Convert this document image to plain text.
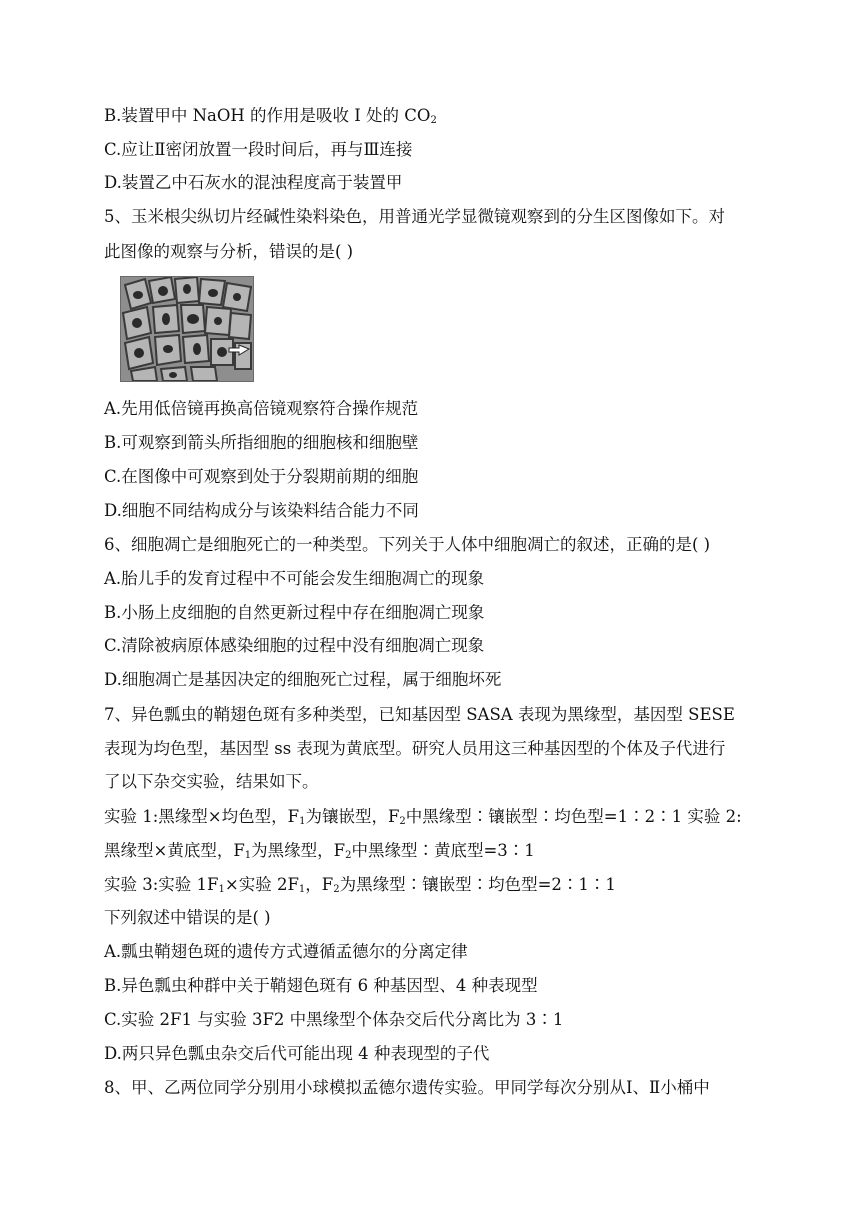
B.装置甲中 NaOH 的作用是吸收 I 处的 $CO_2$
C.应让Ⅱ密闭放置一段时间后，再与Ⅲ连接
D.装置乙中石灰水的混浊程度高于装置甲
5、玉米根尖纵切片经碱性染料染色，用普通光学显微镜观察到的分生区图像如下。对
此图像的观察与分析，错误的是( )
A.先用低倍镜再换高倍镜观察符合操作规范
B.可观察到箭头所指细胞的细胞核和细胞壁
C.在图像中可观察到处于分裂期前期的细胞
D.细胞不同结构成分与该染料结合能力不同
6、细胞凋亡是细胞死亡的一种类型。下列关于人体中细胞凋亡的叙述，正确的是( )
A.胎儿手的发育过程中不可能会发生细胞凋亡的现象
B.小肠上皮细胞的自然更新过程中存在细胞凋亡现象
C.清除被病原体感染细胞的过程中没有细胞凋亡现象
D.细胞凋亡是基因决定的细胞死亡过程，属于细胞坏死
7、异色瓢虫的鞘翅色斑有多种类型，已知基因型 SASA 表现为黑缘型，基因型 SESE
表现为均色型，基因型 ss 表现为黄底型。研究人员用这三种基因型的个体及子代进行
了以下杂交实验，结果如下。
实验 1:黑缘型×均色型，$F_1$为镶嵌型，$F_2$中黑缘型∶镶嵌型∶均色型=1∶2∶1 实验 2:
黑缘型×黄底型，$F_1$为黑缘型，$F_2$中黑缘型∶黄底型=3∶1
实验 3:实验 $1F_1\times$实验 $2F_1$，$F_2$为黑缘型∶镶嵌型∶均色型=2∶1∶1
下列叙述中错误的是( )
A.瓢虫鞘翅色斑的遗传方式遵循孟德尔的分离定律
B.异色瓢虫种群中关于鞘翅色斑有 6 种基因型、4 种表现型
C.实验 2F1 与实验 3F2 中黑缘型个体杂交后代分离比为 3∶1
D.两只异色瓢虫杂交后代可能出现 4 种表现型的子代
8、甲、乙两位同学分别用小球模拟孟德尔遗传实验。甲同学每次分别从Ⅰ、Ⅱ小桶中
